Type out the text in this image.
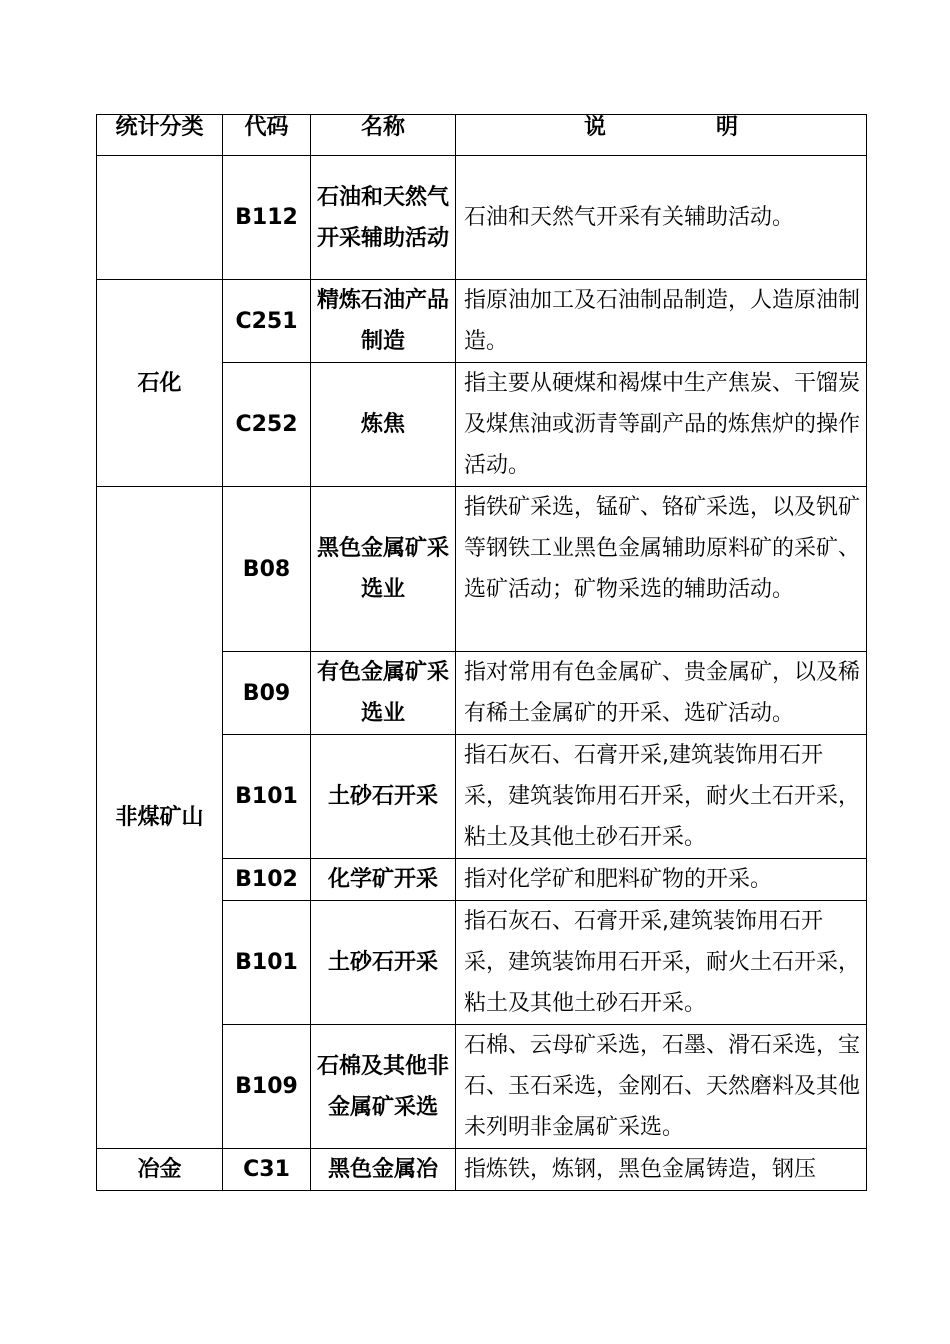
统计分类	代码	名称	说 明
	B112	石油和天然气开采辅助活动	石油和天然气开采有关辅助活动。
石化	C251	精炼石油产品制造	指原油加工及石油制品制造，人造原油制造。
	C252	炼焦	指主要从硬煤和褐煤中生产焦炭、干馏炭及煤焦油或沥青等副产品的炼焦炉的操作活动。
非煤矿山	B08	黑色金属矿采选业	指铁矿采选，锰矿、铬矿采选，以及钒矿等钢铁工业黑色金属辅助原料矿的采矿、选矿活动；矿物采选的辅助活动。
	B09	有色金属矿采选业	指对常用有色金属矿、贵金属矿，以及稀有稀土金属矿的开采、选矿活动。
	B101	土砂石开采	指石灰石、石膏开采,建筑装饰用石开采，建筑装饰用石开采，耐火土石开采，粘土及其他土砂石开采。
	B102	化学矿开采	指对化学矿和肥料矿物的开采。
	B101	土砂石开采	指石灰石、石膏开采,建筑装饰用石开采，建筑装饰用石开采，耐火土石开采，粘土及其他土砂石开采。
	B109	石棉及其他非金属矿采选	石棉、云母矿采选，石墨、滑石采选，宝石、玉石采选，金刚石、天然磨料及其他未列明非金属矿采选。
冶金	C31	黑色金属冶	指炼铁，炼钢，黑色金属铸造，钢压
